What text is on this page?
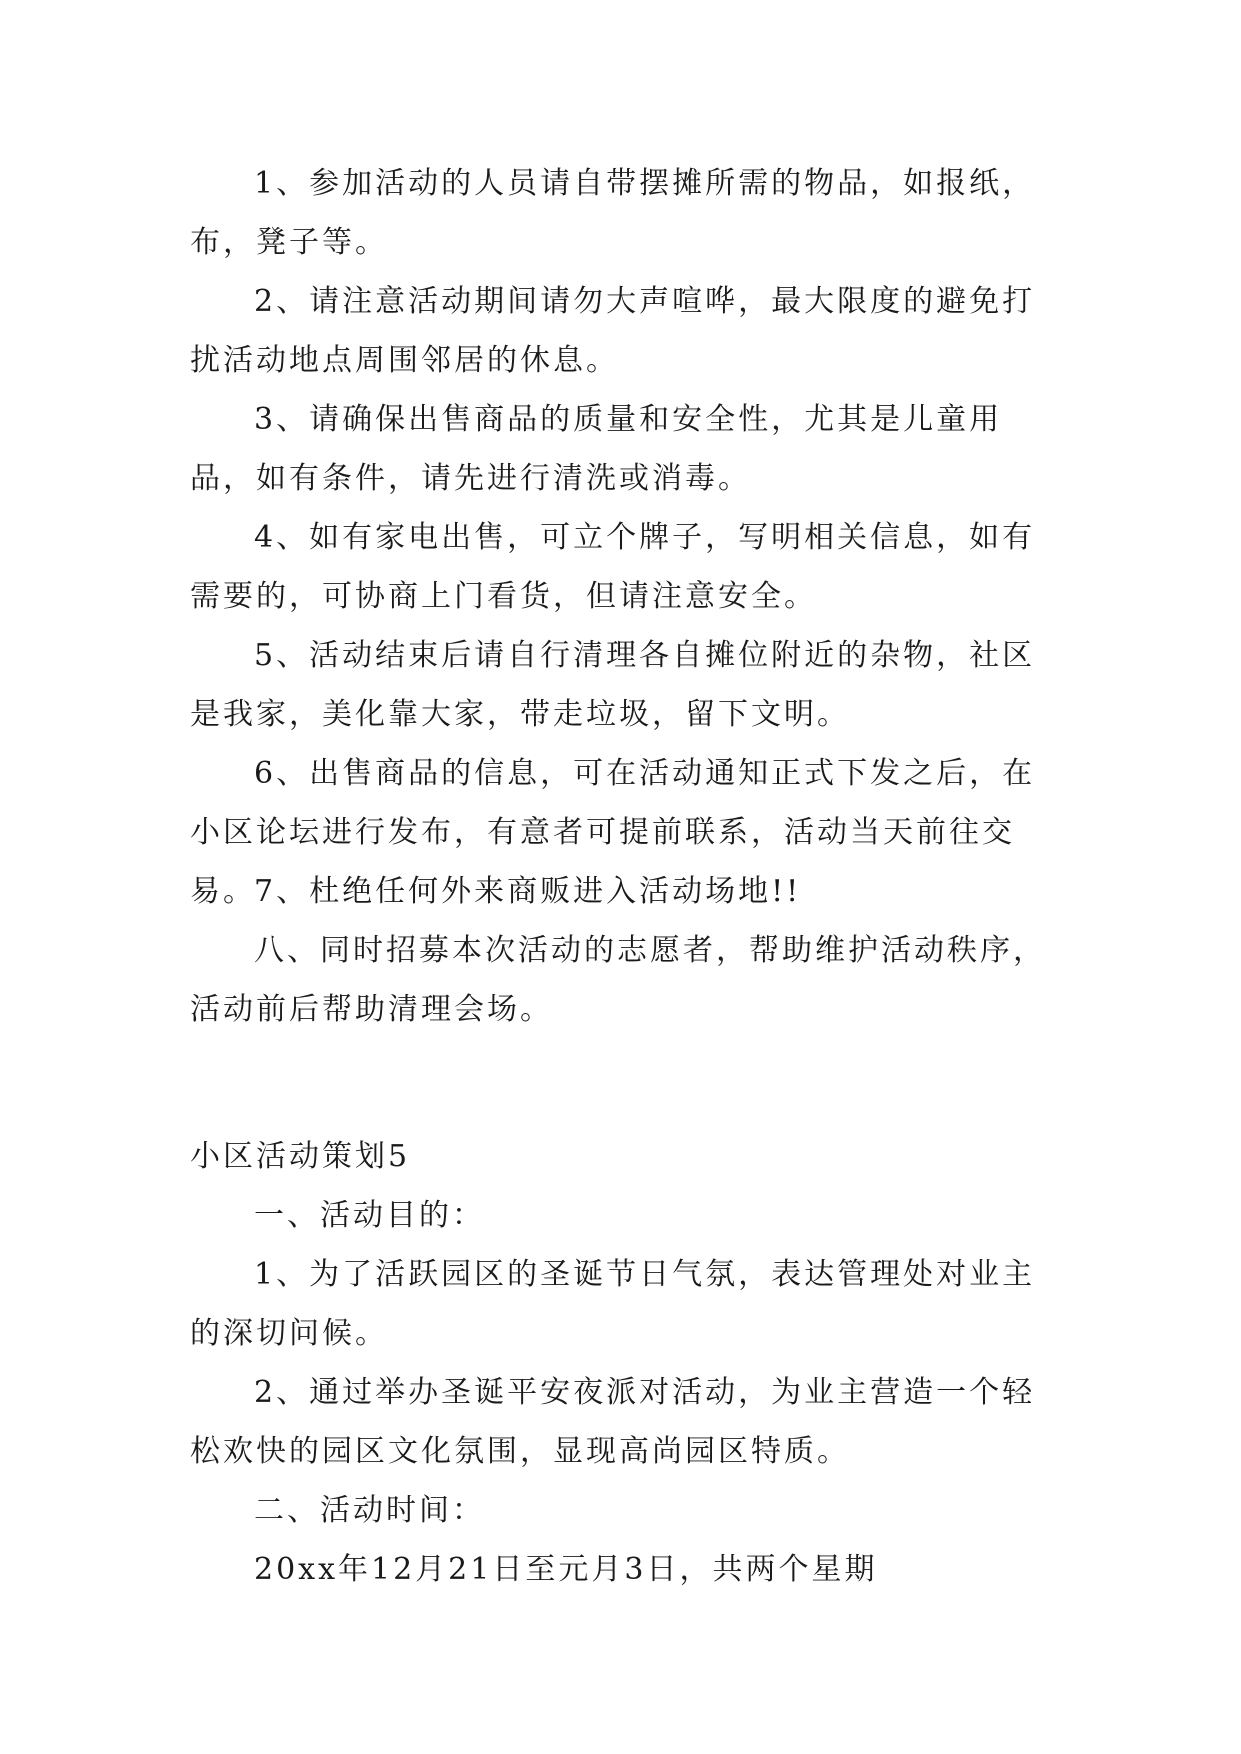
1、参加活动的人员请自带摆摊所需的物品，如报纸，布，凳子等。

2、请注意活动期间请勿大声喧哗，最大限度的避免打扰活动地点周围邻居的休息。

3、请确保出售商品的质量和安全性，尤其是儿童用品，如有条件，请先进行清洗或消毒。

4、如有家电出售，可立个牌子，写明相关信息，如有需要的，可协商上门看货，但请注意安全。

5、活动结束后请自行清理各自摊位附近的杂物，社区是我家，美化靠大家，带走垃圾，留下文明。

6、出售商品的信息，可在活动通知正式下发之后，在小区论坛进行发布，有意者可提前联系，活动当天前往交易。

7、杜绝任何外来商贩进入活动场地!!

八、同时招募本次活动的志愿者，帮助维护活动秩序，活动前后帮助清理会场。

小区活动策划5

一、活动目的：

1、为了活跃园区的圣诞节日气氛，表达管理处对业主的深切问候。

2、通过举办圣诞平安夜派对活动，为业主营造一个轻松欢快的园区文化氛围，显现高尚园区特质。

二、活动时间：

20xx年12月21日至元月3日，共两个星期
